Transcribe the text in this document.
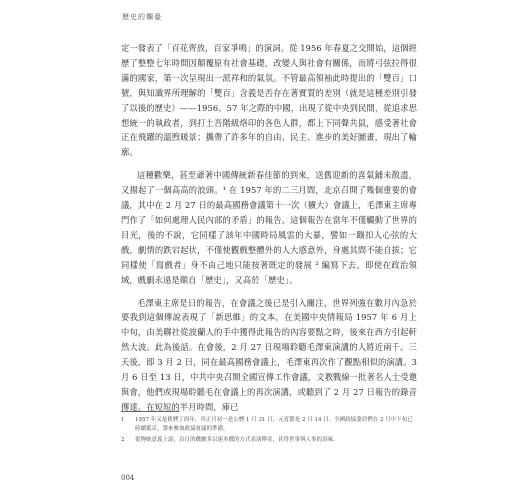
歷史的爛臺

定一發表了「百花齊放，百家爭鳴」的演詞。從 1956 年春夏之交開始，這個經歷了整整七年時間因顛覆原有社會基礎，改變人與社會有關係，而將弓弦拉得很滿的國家，第一次呈現出一派祥和的氣氛。不管最高領袖此時提出的「雙百」口號，與知識界所理解的「雙百」含義是否存在著實質的差別（就是這種差別引發了以後的歷史）——1956、57 年之際的中國，出現了從中央到民間，從追求思想統一的執政者，到打土吾階級烙印的各色人群，都上下同聲共鼠，感受著社會正在飛躍的溫煦暖景；攜帶了許多年的自由、民主、進步的美好圖畫，現出了輪廓。

這種歡樂，甚至爺著中國傳統新春佳節的到來，送舊迎新的喜氣鋪未散盡，又揚起了一個高高的浪頭。¹ 在 1957 年的二三月間，北京召開了幾個重要的會議，其中在 2 月 27 日的最高國務會議第十一次（擴大）會議上，毛澤東主席專門作了「如何處理人民內部的矛盾」的報告。這個報告在當年不僅觸動了世界的目光，後的不說，它同樣了該年中國時局風雲的大暴，譬如一蹦扣人心弦的大戲，劇情的跌宕起伏，不僅使觀戲整體外的人大感意外，身處其間不能自拔；它同樣使「寫戲者」身不由己地只能按著既定的發展 ² 編寫下去。即使在政治領域，戲劇永遠是顛自「歷史」，又高於「歷史」。

毛澤東主席是日的報告，在會議之後已是引入關注，世界列強在數月內急於要我到這個傳說表現了「新思維」的文本，在美國中央情報局 1957 年 6 月上中旬，由美聯社從波蘭人的手中獲得此報告的內容要點之時，後來在西方引起軒然大波。此為後話。在會後，2 月 27 日現場聆聽毛澤東演講的人將近兩千。三天後，即 3 月 2 日，同在最高國務會議上，毛澤東再次作了觀點相似的演講。3 月 6 日至 13 日，中共中央召開全國宣傳工作會議，文教戰線一批著名人士受邀與會，他們或現場聆聽毛在會議上的再次演講，或聽到了 2 月 27 日報告的錄音傳達。在短短的半月時間，庫已

1	1957 年又是舊曆丁酉年，其正月初一是公曆 1 月 31 日，元宵節是 2 月 14 日。全國政協委員們在 2 月中下旬已陸續抵京，籌來參加政協會議的準備。
2	從傳統意義上說，首日的戲劇多以連本戲的方式表演傳奇，甚得世事與人事的真味。
004
